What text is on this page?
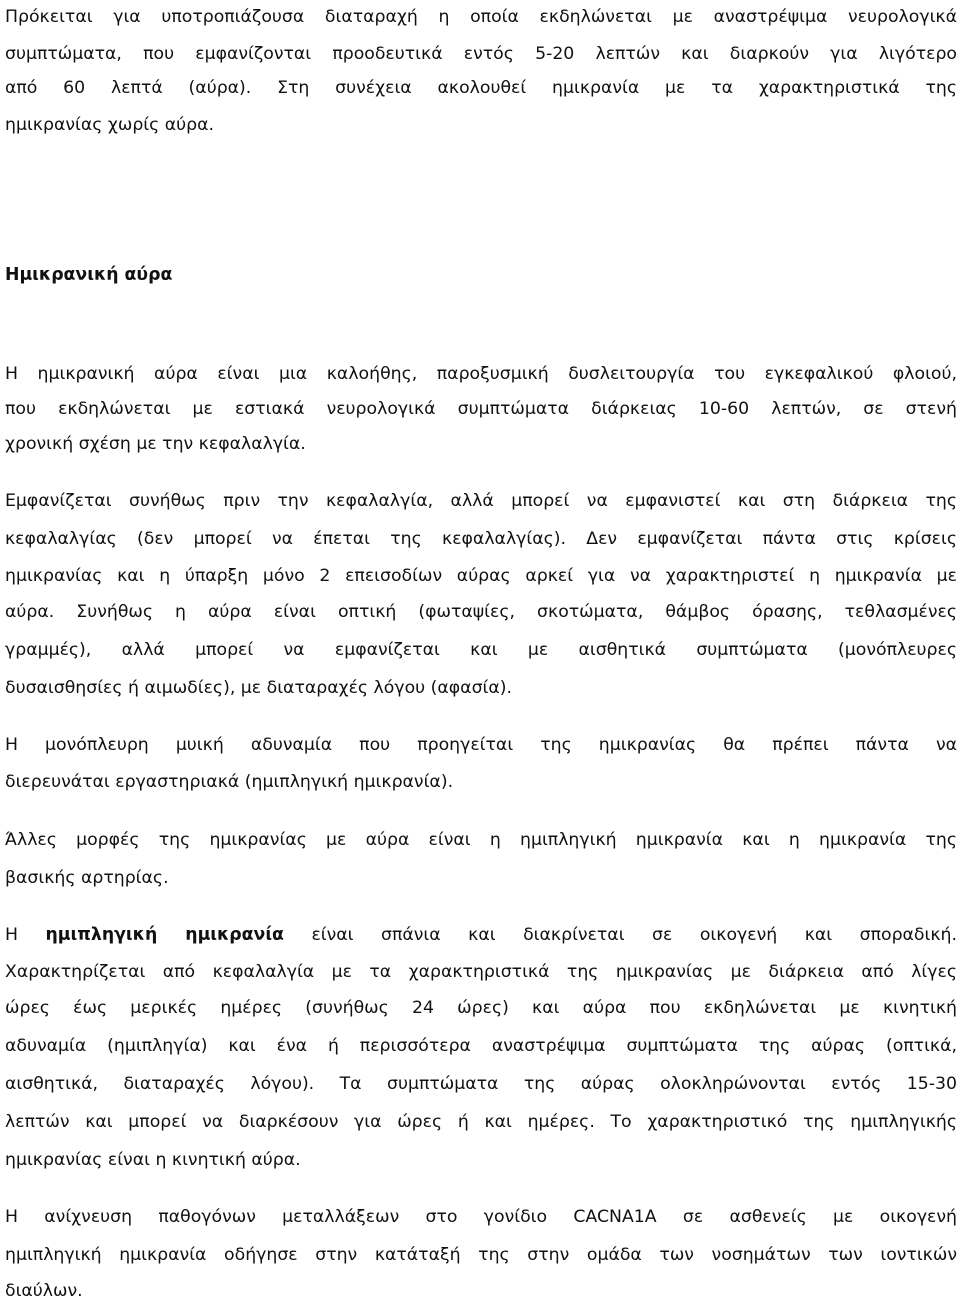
Πρόκειται για υποτροπιάζουσα διαταραχή η οποία εκδηλώνεται με αναστρέψιμα νευρολογικά
συμπτώματα, που εμφανίζονται προοδευτικά εντός 5-20 λεπτών και διαρκούν για λιγότερο
από 60 λεπτά (αύρα). Στη συνέχεια ακολουθεί ημικρανία με τα χαρακτηριστικά της
ημικρανίας χωρίς αύρα.
Ημικρανική αύρα
Η ημικρανική αύρα είναι μια καλοήθης, παροξυσμική δυσλειτουργία του εγκεφαλικού φλοιού,
που εκδηλώνεται με εστιακά νευρολογικά συμπτώματα διάρκειας 10-60 λεπτών, σε στενή
χρονική σχέση με την κεφαλαλγία.
Εμφανίζεται συνήθως πριν την κεφαλαλγία, αλλά μπορεί να εμφανιστεί και στη διάρκεια της
κεφαλαλγίας (δεν μπορεί να έπεται της κεφαλαλγίας). Δεν εμφανίζεται πάντα στις κρίσεις
ημικρανίας και η ύπαρξη μόνο 2 επεισοδίων αύρας αρκεί για να χαρακτηριστεί η ημικρανία με
αύρα. Συνήθως η αύρα είναι οπτική (φωταψίες, σκοτώματα, θάμβος όρασης, τεθλασμένες
γραμμές), αλλά μπορεί να εμφανίζεται και με αισθητικά συμπτώματα (μονόπλευρες
δυσαισθησίες ή αιμωδίες), με διαταραχές λόγου (αφασία).
Η μονόπλευρη μυική αδυναμία που προηγείται της ημικρανίας θα πρέπει πάντα να
διερευνάται εργαστηριακά (ημιπληγική ημικρανία).
Άλλες μορφές της ημικρανίας με αύρα είναι η ημιπληγική ημικρανία και η ημικρανία της
βασικής αρτηρίας.
Η ημιπληγική ημικρανία είναι σπάνια και διακρίνεται σε οικογενή και σποραδική.
Χαρακτηρίζεται από κεφαλαλγία με τα χαρακτηριστικά της ημικρανίας με διάρκεια από λίγες
ώρες έως μερικές ημέρες (συνήθως 24 ώρες) και αύρα που εκδηλώνεται με κινητική
αδυναμία (ημιπληγία) και ένα ή περισσότερα αναστρέψιμα συμπτώματα της αύρας (οπτικά,
αισθητικά, διαταραχές λόγου). Τα συμπτώματα της αύρας ολοκληρώνονται εντός 15-30
λεπτών και μπορεί να διαρκέσουν για ώρες ή και ημέρες. Το χαρακτηριστικό της ημιπληγικής
ημικρανίας είναι η κινητική αύρα.
Η ανίχνευση παθογόνων μεταλλάξεων στο γονίδιο CACNA1A σε ασθενείς με οικογενή
ημιπληγική ημικρανία οδήγησε στην κατάταξή της στην ομάδα των νοσημάτων των ιοντικών
διαύλων.
